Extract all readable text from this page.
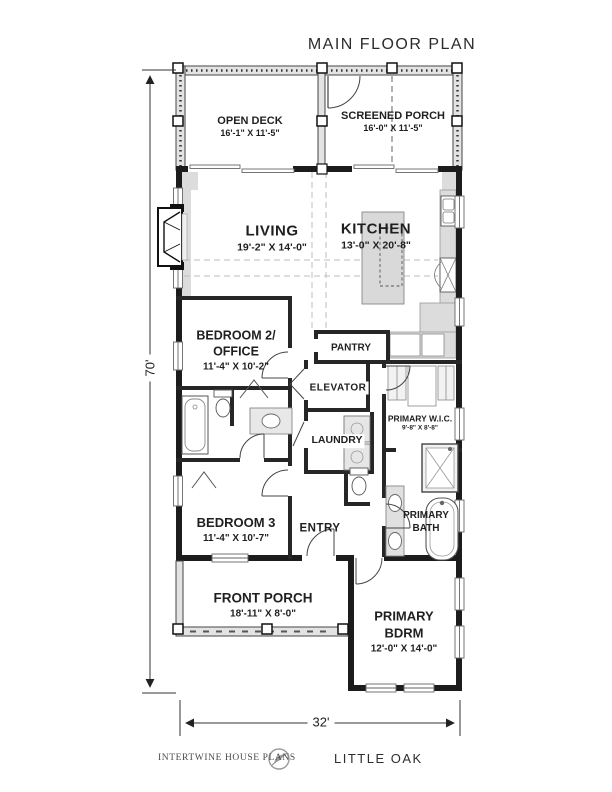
MAIN FLOOR PLAN
OPEN DECK
16'-1" X 11'-5"
SCREENED PORCH
16'-0" X 11'-5"
LIVING
19'-2" X 14'-0"
KITCHEN
13'-0" X 20'-8"
BEDROOM 2/
OFFICE
11'-4" X 10'-2"
PANTRY
ELEVATOR
PRIMARY W.I.C.
9'-8" X 8'-8"
LAUNDRY
BEDROOM 3
11'-4" X 10'-7"
ENTRY
PRIMARY
BATH
FRONT PORCH
18'-11" X 8'-0"	PRIMARY
BDRM
12'-0" X 14'-0"
70'
32'
INTERTWINE HOUSE PLANS	LITTLE OAK
